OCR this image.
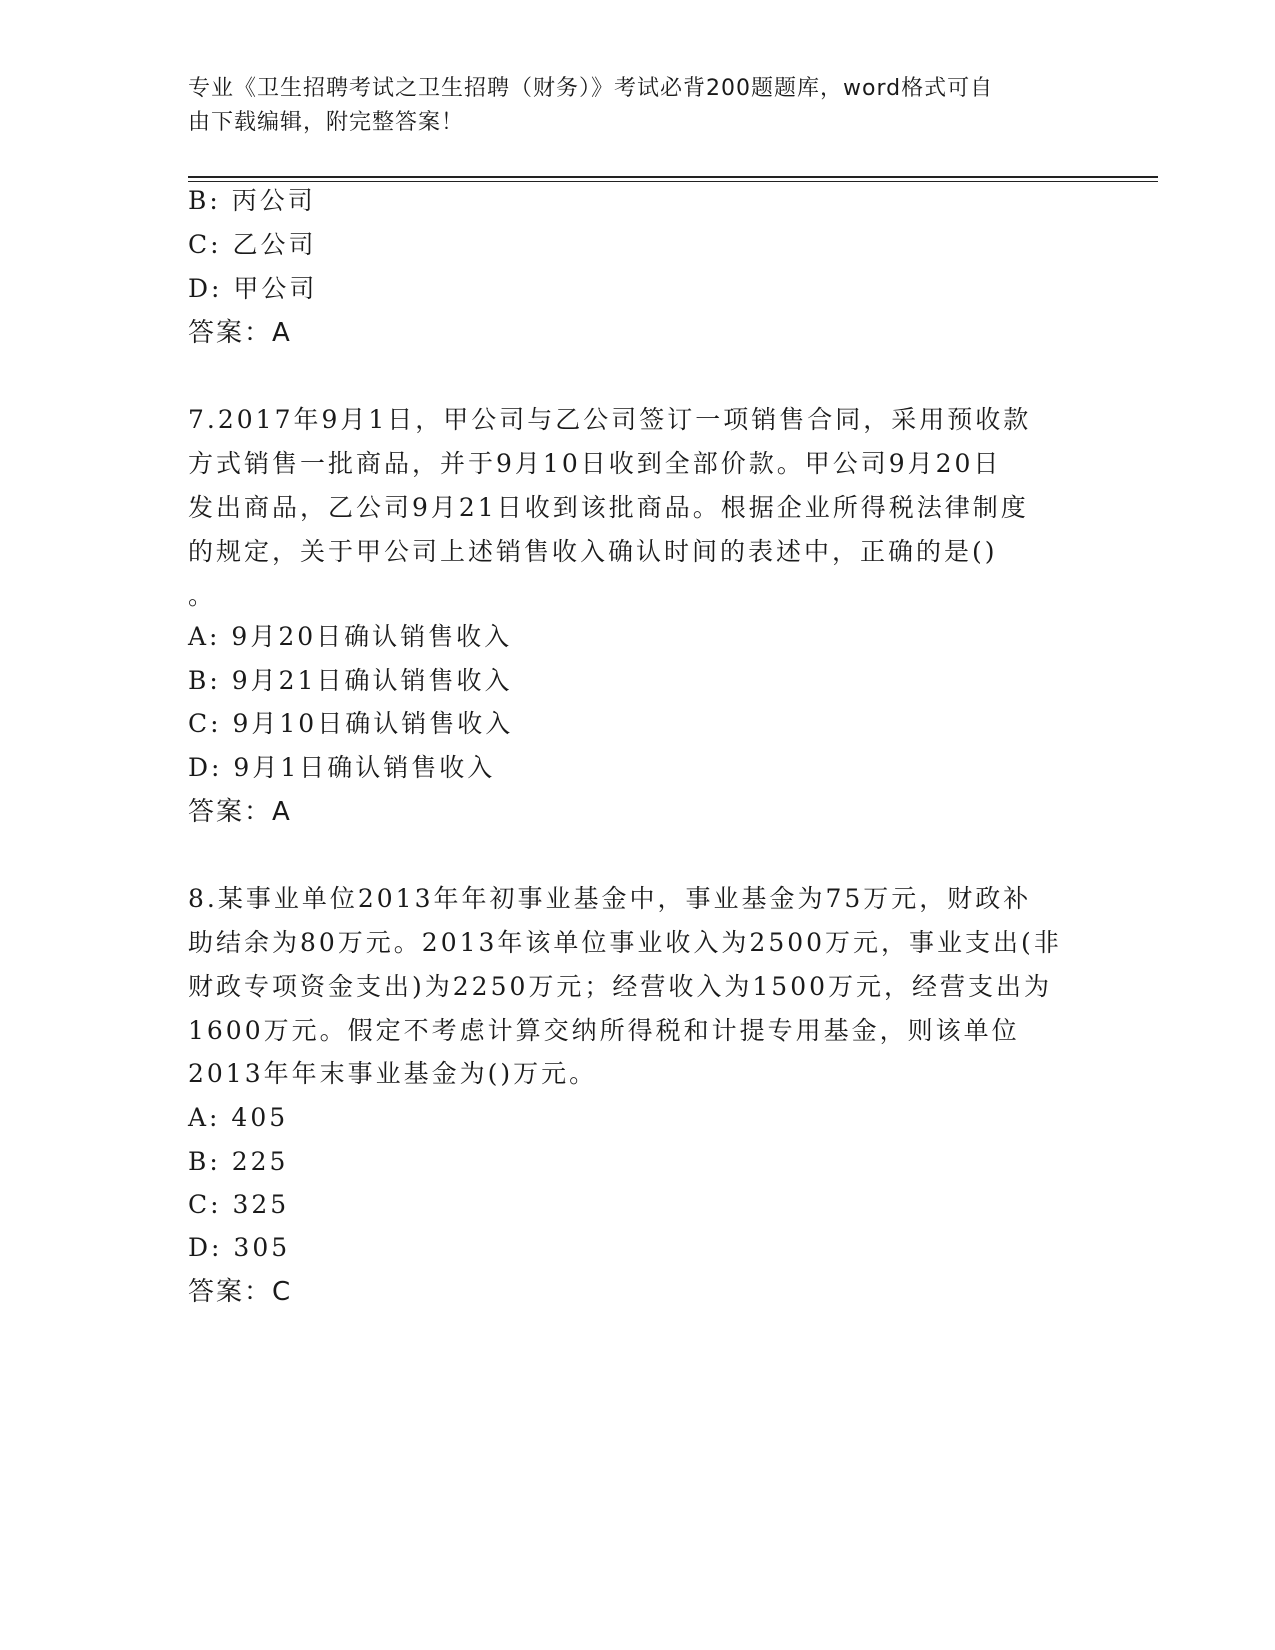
专业《卫生招聘考试之卫生招聘（财务）》考试必背200题题库，word格式可自
由下载编辑，附完整答案！
B: 丙公司
C: 乙公司
D: 甲公司
答案：A
7.2017年9月1日，甲公司与乙公司签订一项销售合同，采用预收款
方式销售一批商品，并于9月10日收到全部价款。甲公司9月20日
发出商品，乙公司9月21日收到该批商品。根据企业所得税法律制度
的规定，关于甲公司上述销售收入确认时间的表述中，正确的是()
。
A: 9月20日确认销售收入
B: 9月21日确认销售收入
C: 9月10日确认销售收入
D: 9月1日确认销售收入
答案：A
8.某事业单位2013年年初事业基金中，事业基金为75万元，财政补
助结余为80万元。2013年该单位事业收入为2500万元，事业支出(非
财政专项资金支出)为2250万元；经营收入为1500万元，经营支出为
1600万元。假定不考虑计算交纳所得税和计提专用基金，则该单位
2013年年末事业基金为()万元。
A: 405
B: 225
C: 325
D: 305
答案：C
